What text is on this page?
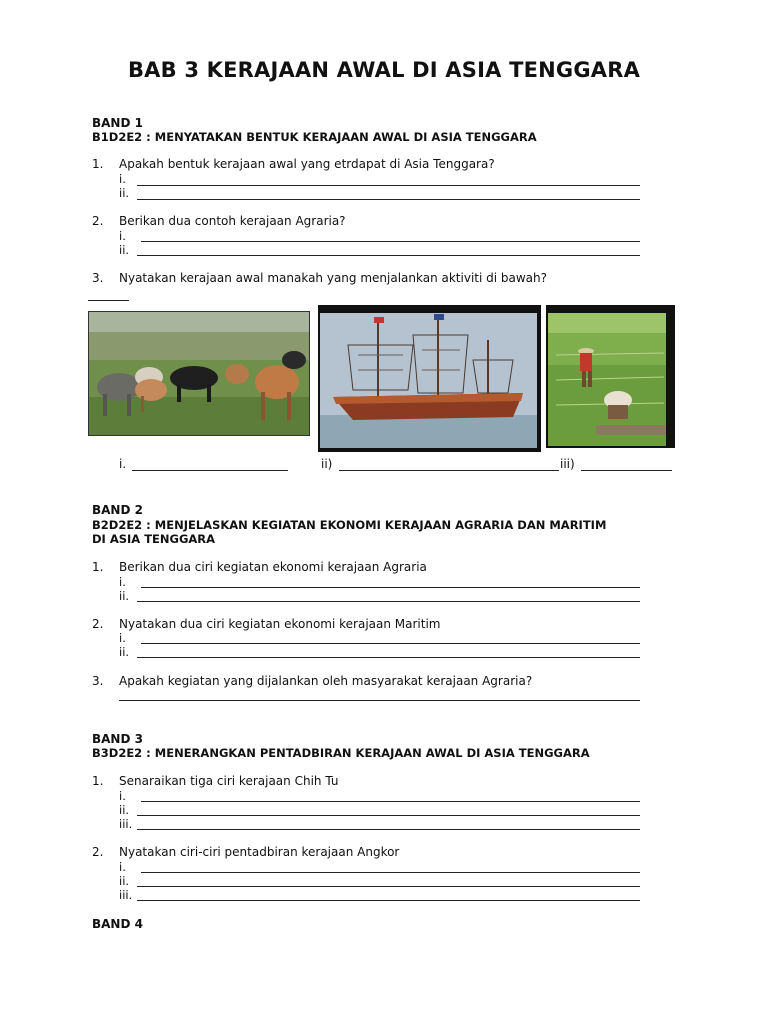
BAB 3 KERAJAAN AWAL DI ASIA TENGGARA
BAND 1
B1D2E2 : MENYATAKAN BENTUK KERAJAAN AWAL DI ASIA TENGGARA
1. Apakah bentuk kerajaan awal yang etrdapat di Asia Tenggara?
i.
ii.
2. Berikan dua contoh kerajaan Agraria?
i.
ii.
3. Nyatakan kerajaan awal manakah yang menjalankan aktiviti di bawah?
i.	ii)	iii)
BAND 2
B2D2E2 : MENJELASKAN KEGIATAN EKONOMI KERAJAAN AGRARIA DAN MARITIM
DI ASIA TENGGARA
1. Berikan dua ciri kegiatan ekonomi kerajaan Agraria
i.
ii.
2. Nyatakan dua ciri kegiatan ekonomi kerajaan Maritim
i.
ii.
3. Apakah kegiatan yang dijalankan oleh masyarakat kerajaan Agraria?
BAND 3
B3D2E2 : MENERANGKAN PENTADBIRAN KERAJAAN AWAL DI ASIA TENGGARA
1. Senaraikan tiga ciri kerajaan Chih Tu
i.
ii.
iii.
2. Nyatakan ciri-ciri pentadbiran kerajaan Angkor
i.
ii.
iii.
BAND 4
